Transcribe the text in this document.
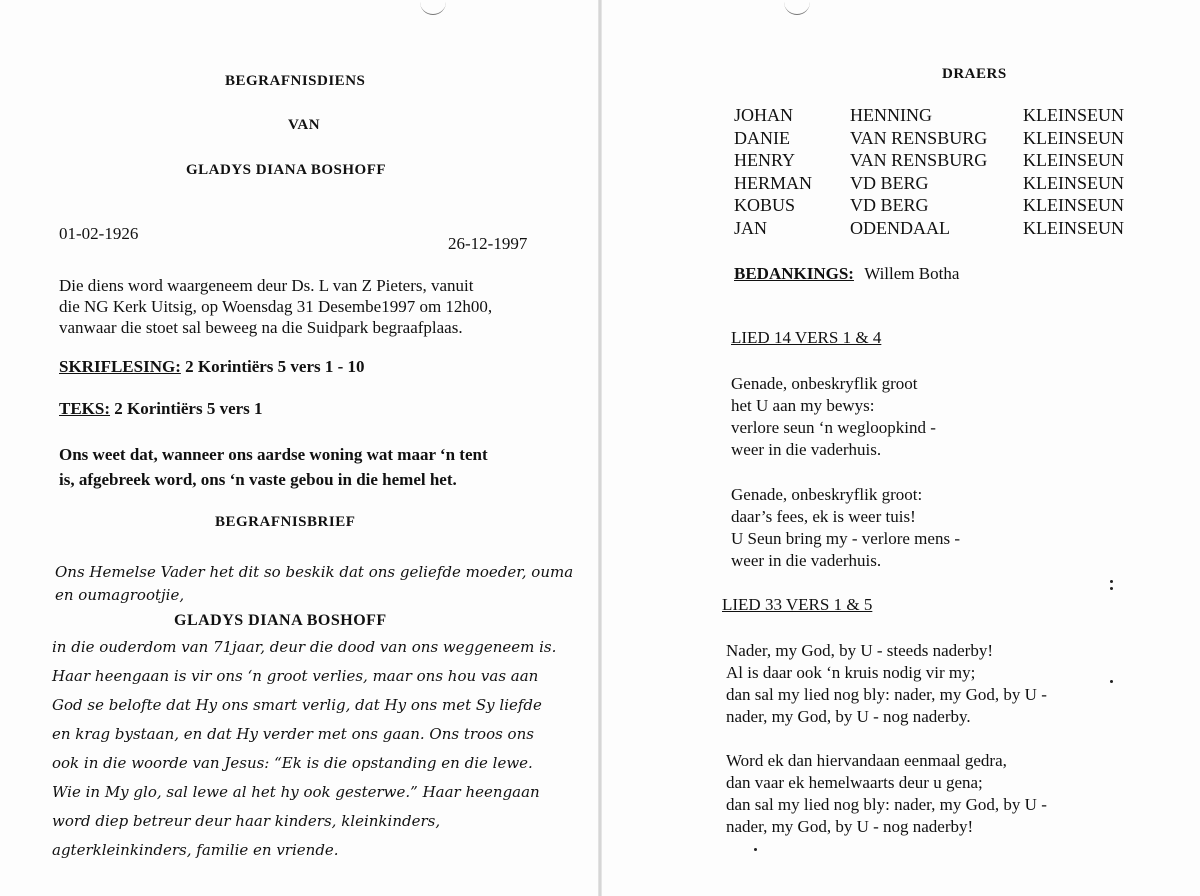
BEGRAFNISDIENS
VAN
GLADYS DIANA BOSHOFF
01-02-1926
26-12-1997
Die diens word waargeneem deur Ds. L van Z Pieters, vanuit
die NG Kerk Uitsig, op Woensdag 31 Desembe1997 om 12h00,
vanwaar die stoet sal beweeg na die Suidpark begraafplaas.
SKRIFLESING: 2 Korintiërs 5 vers 1 - 10
TEKS: 2 Korintiërs 5 vers 1
Ons weet dat, wanneer ons aardse woning wat maar ‘n tent
is, afgebreek word, ons ‘n vaste gebou in die hemel het.
BEGRAFNISBRIEF
Ons Hemelse Vader het dit so beskik dat ons geliefde moeder, ouma
en oumagrootjie,
GLADYS DIANA BOSHOFF
in die ouderdom van 71jaar, deur die dood van ons weggeneem is.
Haar heengaan is vir ons ‘n groot verlies, maar ons hou vas aan
God se belofte dat Hy ons smart verlig, dat Hy ons met Sy liefde
en krag bystaan, en dat Hy verder met ons gaan. Ons troos ons
ook in die woorde van Jesus: “Ek is die opstanding en die lewe.
Wie in My glo, sal lewe al het hy ook gesterwe.” Haar heengaan
word diep betreur deur haar kinders, kleinkinders,
agterkleinkinders, familie en vriende.
DRAERS
JOHAN	HENNING	KLEINSEUN
DANIE	VAN RENSBURG	KLEINSEUN
HENRY	VAN RENSBURG	KLEINSEUN
HERMAN	VD BERG	KLEINSEUN
KOBUS	VD BERG	KLEINSEUN
JAN	ODENDAAL	KLEINSEUN
BEDANKINGS: Willem Botha
LIED 14 VERS 1 & 4
Genade, onbeskryflik groot
het U aan my bewys:
verlore seun ‘n wegloopkind -
weer in die vaderhuis.
Genade, onbeskryflik groot:
daar’s fees, ek is weer tuis!
U Seun bring my - verlore mens -
weer in die vaderhuis.
LIED 33 VERS 1 & 5
Nader, my God, by U - steeds naderby!
Al is daar ook ‘n kruis nodig vir my;
dan sal my lied nog bly: nader, my God, by U -
nader, my God, by U - nog naderby.
Word ek dan hiervandaan eenmaal gedra,
dan vaar ek hemelwaarts deur u gena;
dan sal my lied nog bly: nader, my God, by U -
nader, my God, by U - nog naderby!
